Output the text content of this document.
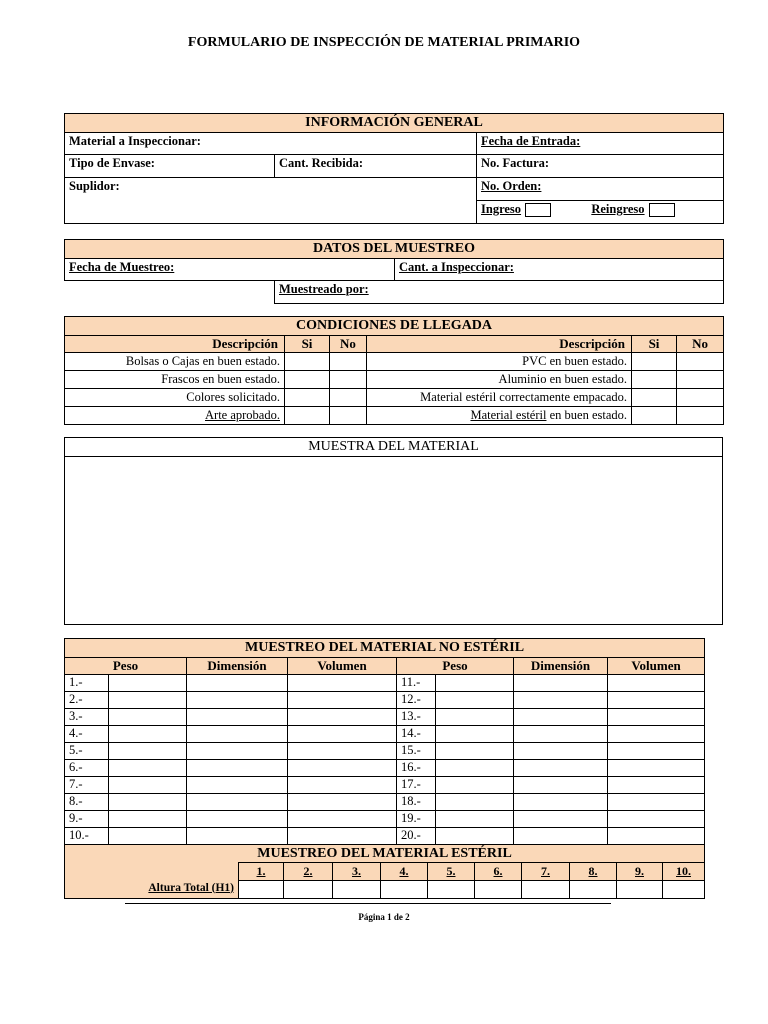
FORMULARIO DE INSPECCIÓN DE MATERIAL PRIMARIO
INFORMACIÓN GENERAL		
Material a Inspeccionar:		Fecha de Entrada:
Tipo de Envase:	Cant. Recibida:	No. Factura:
Suplidor:		No. Orden:
		Ingreso Reingreso
DATOS DEL MUESTREO		
Fecha de Muestreo:		Cant. a Inspeccionar:
	Muestreado por:	
CONDICIONES DE LLEGADA					
Descripción	Si	No	Descripción	Si	No
Bolsas o Cajas en buen estado.			PVC en buen estado.		
Frascos en buen estado.			Aluminio en buen estado.		
Colores solicitado.			Material estéril correctamente empacado.		
Arte aprobado.			Material estéril en buen estado.		
MUESTRA DEL MATERIAL

MUESTREO DEL MATERIAL NO ESTÉRIL							
Peso		Dimensión	Volumen	Peso		Dimensión	Volumen
1.-				11.-			
2.-				12.-			
3.-				13.-			
4.-				14.-			
5.-				15.-			
6.-				16.-			
7.-				17.-			
8.-				18.-			
9.-				19.-			
10.-				20.-			
MUESTREO DEL MATERIAL ESTÉRIL							
	1.	2.	3.	4.	5.	6.	7.	8.	9.	10.
Altura Total (H1)										
Página 1 de 2
